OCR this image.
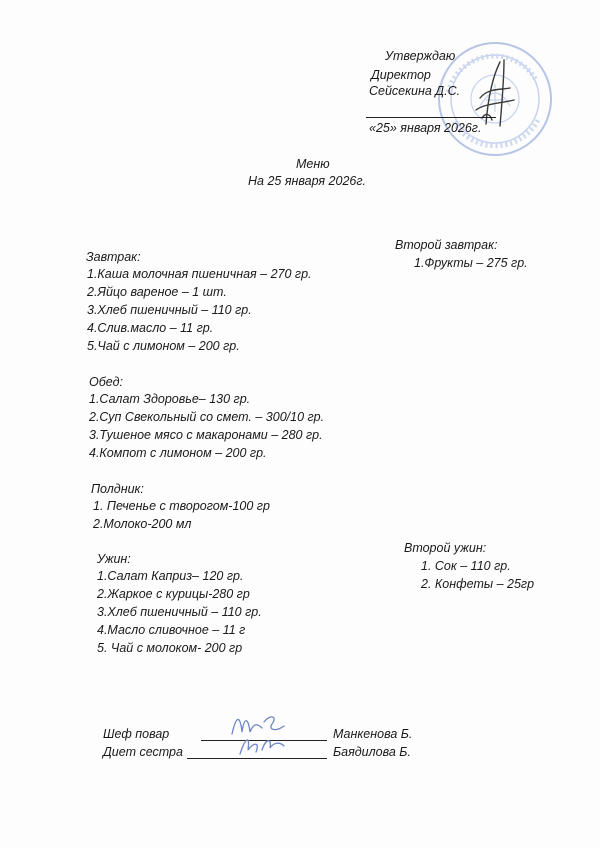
Утверждаю
Директор
Сейсекина Д.С.
«25» января 2026г.
Меню
На 25 января 2026г.
Завтрак:
1.Каша молочная пшеничная – 270 гр.
2.Яйцо вареное – 1 шт.
3.Хлеб пшеничный – 110 гр.
4.Слив.масло – 11 гр.
5.Чай с лимоном – 200 гр.
Второй завтрак:
1.Фрукты – 275 гр.
Обед:
1.Салат Здоровье– 130 гр.
2.Суп Свекольный со смет. – 300/10 гр.
3.Тушеное мясо с макаронами – 280 гр.
4.Компот с лимоном – 200 гр.
Полдник:
1. Печенье с творогом-100 гр
2.Молоко-200 мл
Ужин:
1.Салат Каприз– 120 гр.
2.Жаркое с курицы-280 гр
3.Хлеб пшеничный – 110 гр.
4.Масло сливочное – 11 г
5. Чай с молоком- 200 гр
Второй ужин:
1. Сок – 110 гр.
2. Конфеты – 25гр
Шеф повар	Манкенова Б.
Диет сестра	Баядилова Б.
